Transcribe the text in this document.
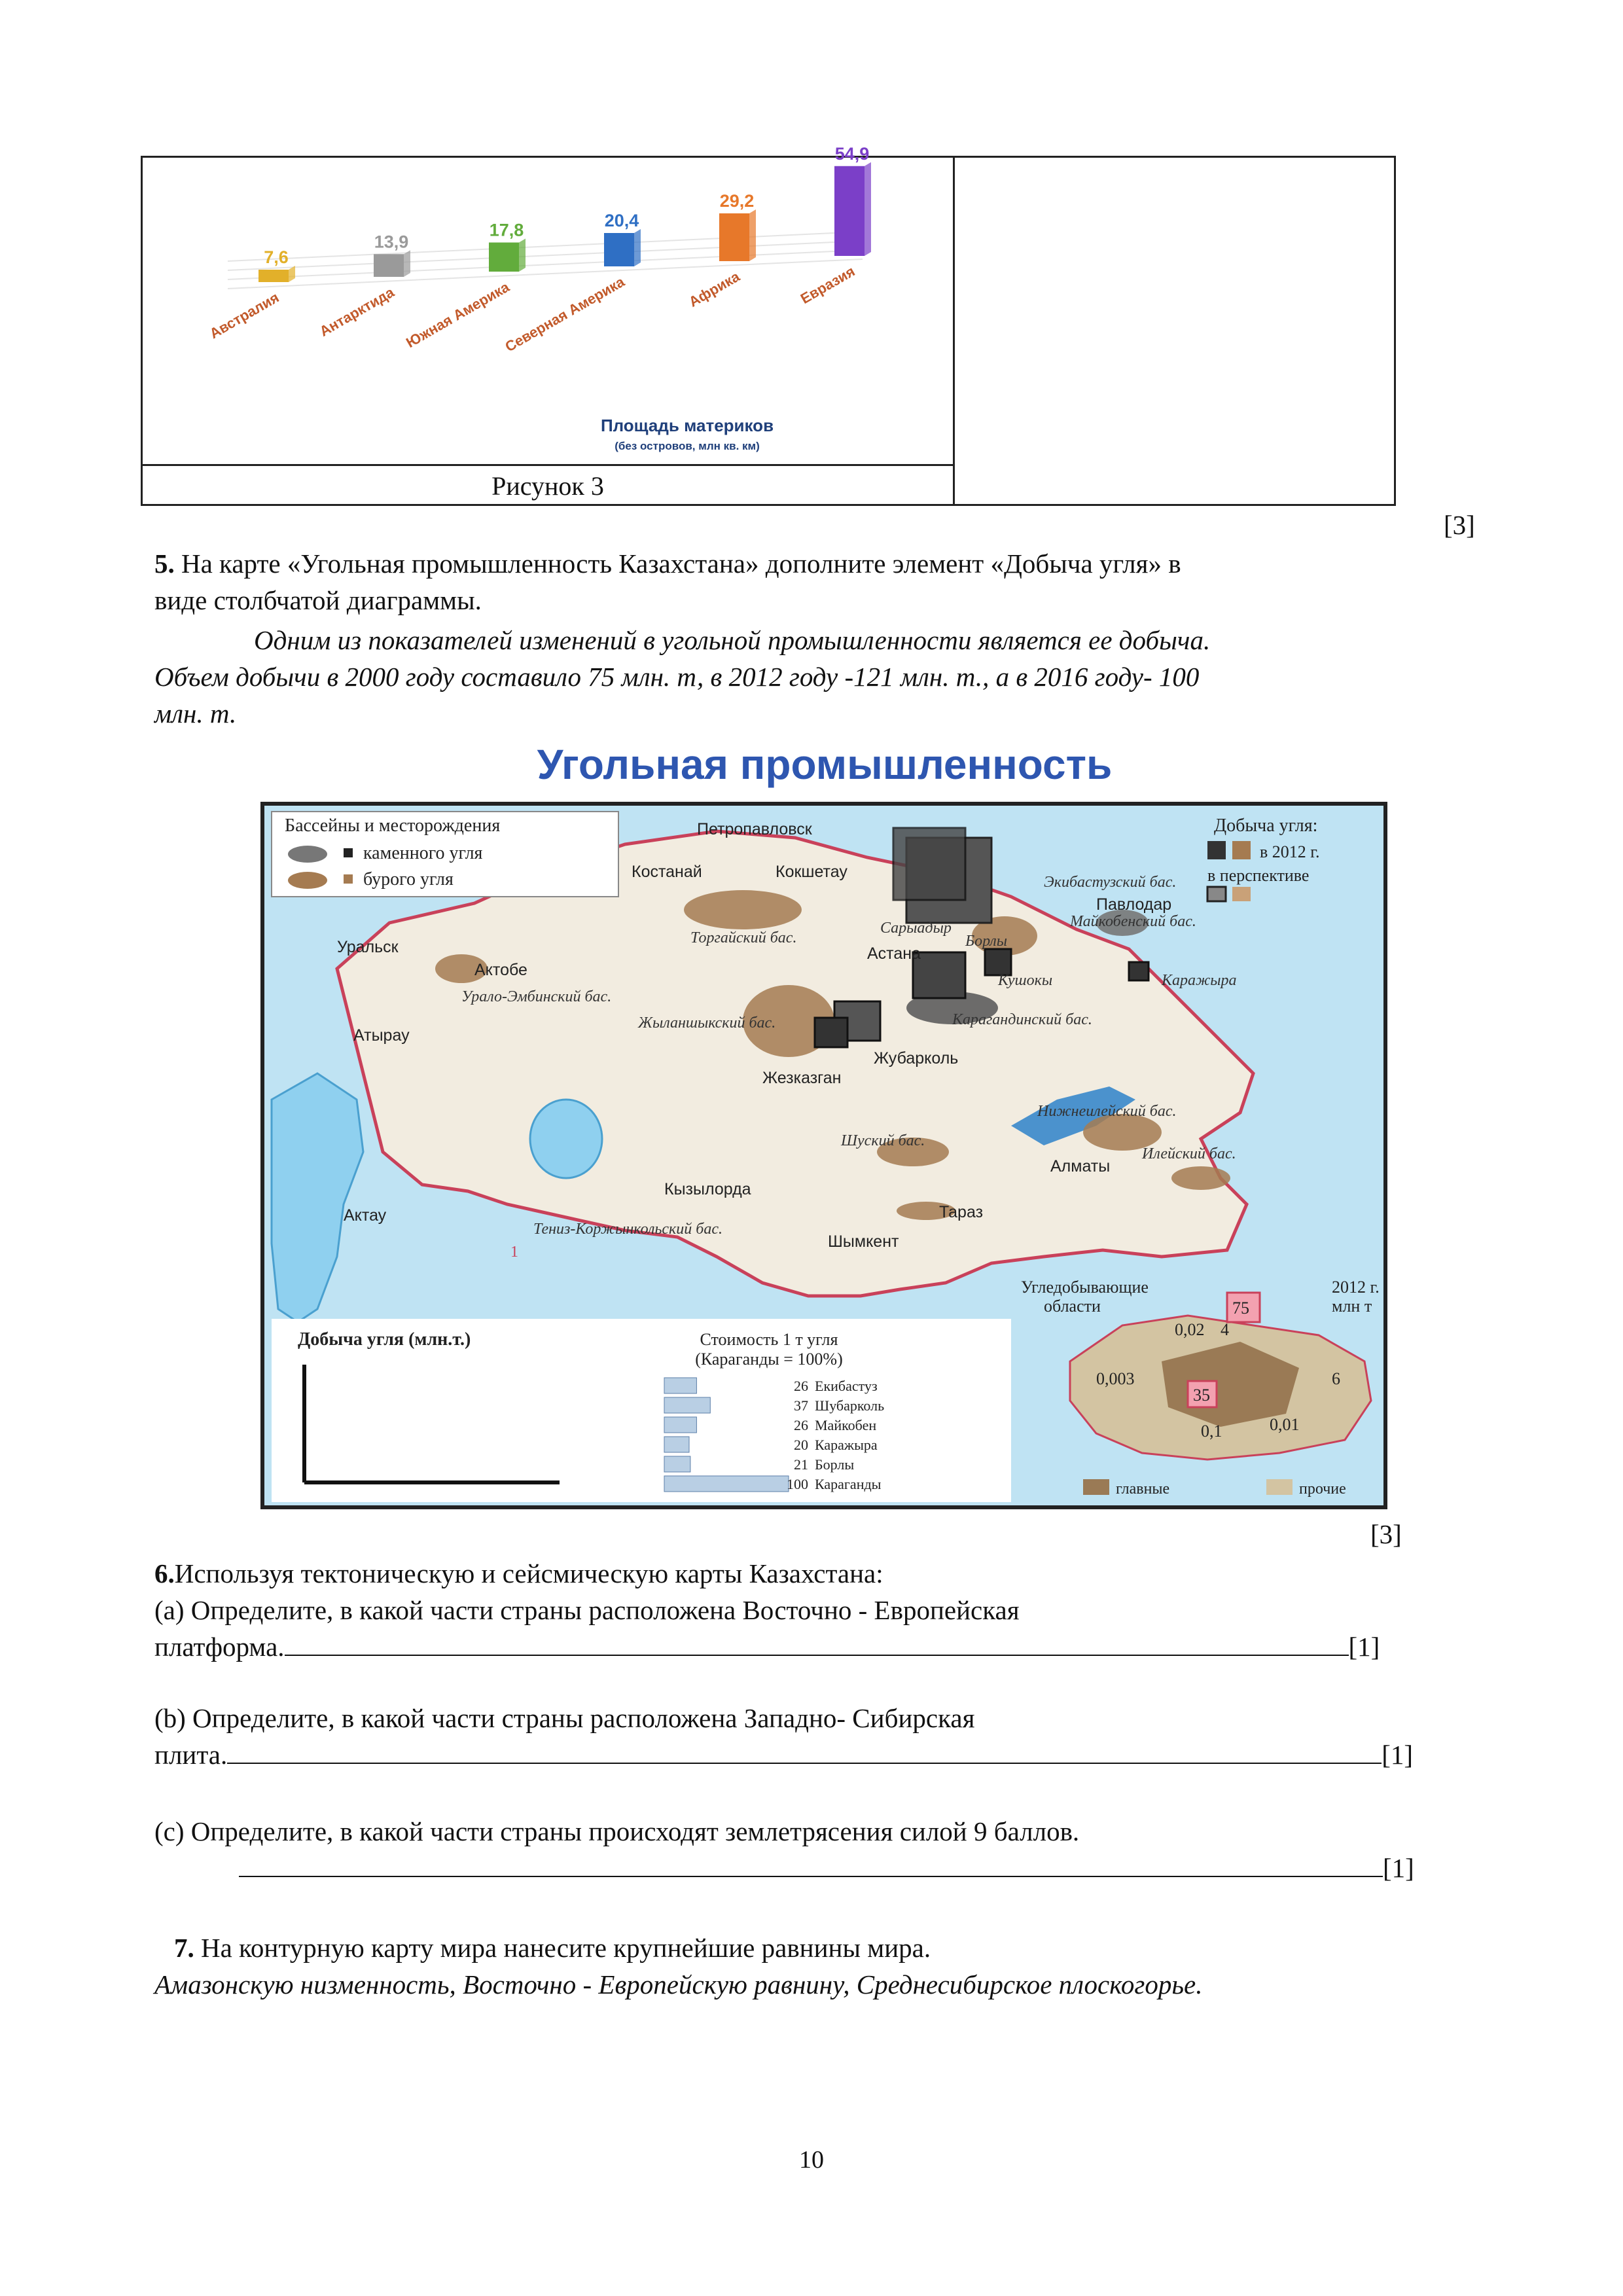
7,6
Австралия
13,9
Антарктида
17,8
Южная Америка
20,4
Северная Америка
29,2
Африка
54,9
Евразия
Площадь материков
(без островов, млн кв. км)
Рисунок 3
[3]
5. На карте «Угольная промышленность Казахстана» дополните элемент «Добыча угля» в
виде столбчатой диаграммы.
Одним из показателей изменений в угольной промышленности является ее добыча.
Объем добычи в 2000 году составило 75 млн. т, в 2012 году -121 млн. т., а в 2016 году- 100
млн. т.
Угольная промышленность
Бассейны и месторождения
каменного угля
бурого угля
Добыча угля:
в 2012 г.
в перспективе
Петропавловск
Костанай	Кокшетау
Уральск
Актобе
Атырау
Актау
Астана
Жезказган
Кызылорда
Шымкент
Тараз
Алматы
Павлодар
Жубарколь
Экибастузский бас.
Майкобенский бас.
Торгайский бас.
Урало-Эмбинский бас.
Жыланшыкский бас.
Сарыадыр
Борлы
Кушокы
Карагандинский бас.
Каражыра
Нижнеилейский бас.
Илейский бас.
Шуский бас.
Тениз-Коржынкольский бас.
1
Добыча угля (млн.т.)	Стоимость 1 т угля
(Караганды = 100%)
26 Екибастуз
37 Шубарколь
26 Майкобен
20 Каражыра
21 Борлы
100 Караганды
Угледобывающие
области
2012 г.
млн т
75
35
0,02 4
0,003	6
0,1	0,01
главные	прочие
[3]
6.Используя тектоническую и сейсмическую карты Казахстана:
(а) Определите, в какой части страны расположена Восточно - Европейская
платформа.	[1]
(b) Определите, в какой части страны расположена Западно- Сибирская
плита.	[1]
(с) Определите, в какой части страны происходят землетрясения силой 9 баллов.
[1]
7. На контурную карту мира нанесите крупнейшие равнины мира.
Амазонскую низменность, Восточно - Европейскую равнину, Среднесибирское плоскогорье.
10
